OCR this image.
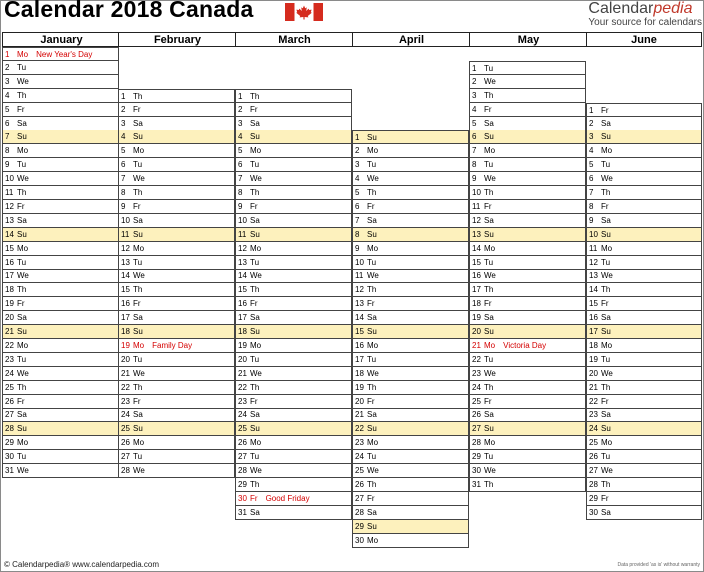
Calendar 2018 Canada	Calendarpedia
Your source for calendars
January
1 Mo New Year's Day
2 Tu
3 We
4 Th
5 Fr
6 Sa
7 Su
8 Mo
9 Tu
10 We
11 Th
12 Fr
13 Sa
14 Su
15 Mo
16 Tu
17 We
18 Th
19 Fr
20 Sa
21 Su
22 Mo
23 Tu
24 We
25 Th
26 Fr
27 Sa
28 Su
29 Mo
30 Tu
31 We
February
1 Th
2 Fr
3 Sa
4 Su
5 Mo
6 Tu
7 We
8 Th
9 Fr
10 Sa
11 Su
12 Mo
13 Tu
14 We
15 Th
16 Fr
17 Sa
18 Su
19 Mo Family Day
20 Tu
21 We
22 Th
23 Fr
24 Sa
25 Su
26 Mo
27 Tu
28 We
March
1 Th
2 Fr
3 Sa
4 Su
5 Mo
6 Tu
7 We
8 Th
9 Fr
10 Sa
11 Su
12 Mo
13 Tu
14 We
15 Th
16 Fr
17 Sa
18 Su
19 Mo
20 Tu
21 We
22 Th
23 Fr
24 Sa
25 Su
26 Mo
27 Tu
28 We
29 Th
30 Fr Good Friday
31 Sa
April
1 Su
2 Mo
3 Tu
4 We
5 Th
6 Fr
7 Sa
8 Su
9 Mo
10 Tu
11 We
12 Th
13 Fr
14 Sa
15 Su
16 Mo
17 Tu
18 We
19 Th
20 Fr
21 Sa
22 Su
23 Mo
24 Tu
25 We
26 Th
27 Fr
28 Sa
29 Su
30 Mo
May
1 Tu
2 We
3 Th
4 Fr
5 Sa
6 Su
7 Mo
8 Tu
9 We
10 Th
11 Fr
12 Sa
13 Su
14 Mo
15 Tu
16 We
17 Th
18 Fr
19 Sa
20 Su
21 Mo Victoria Day
22 Tu
23 We
24 Th
25 Fr
26 Sa
27 Su
28 Mo
29 Tu
30 We
31 Th
June
1 Fr
2 Sa
3 Su
4 Mo
5 Tu
6 We
7 Th
8 Fr
9 Sa
10 Su
11 Mo
12 Tu
13 We
14 Th
15 Fr
16 Sa
17 Su
18 Mo
19 Tu
20 We
21 Th
22 Fr
23 Sa
24 Su
25 Mo
26 Tu
27 We
28 Th
29 Fr
30 Sa
© Calendarpedia® www.calendarpedia.com	Data provided 'as is' without warranty
